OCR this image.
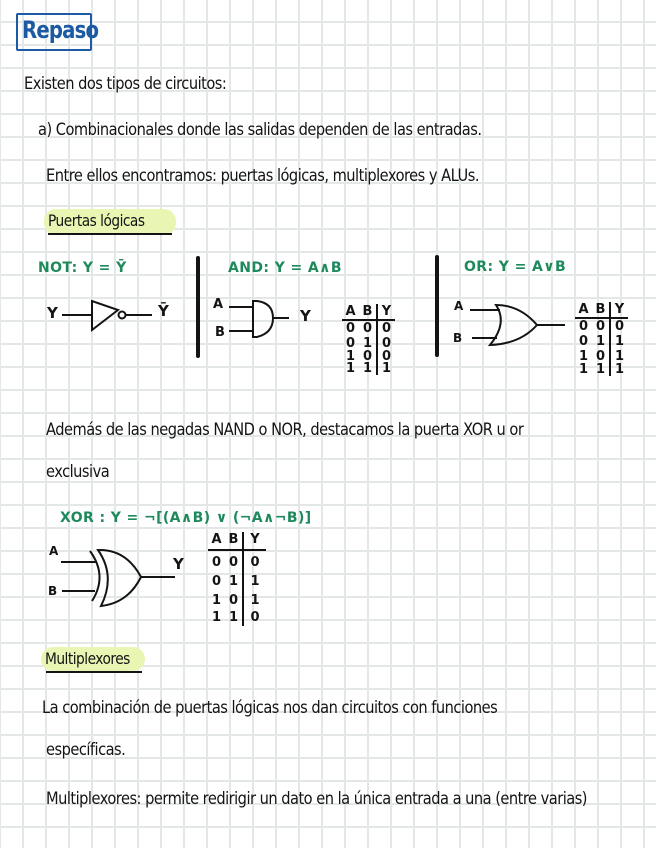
Repaso
Existen dos tipos de circuitos:
a) Combinacionales donde las salidas dependen de las entradas.
Entre ellos encontramos: puertas lógicas, multiplexores y ALUs.
Puertas lógicas
NOT: Y = Ȳ
Y	Ȳ
AND: Y = A∧B
A
B
Y	A B Y
0 0 0
0 1 0
1 0 0
1 1 1
OR: Y = A∨B
A
B
A B Y
0 0 0
0 1 1
1 0 1
1 1 1
Además de las negadas NAND o NOR, destacamos la puerta XOR u or
exclusiva
XOR : Y = ¬[(A∧B) ∨ (¬A∧¬B)]
A
B
Y
A B Y
0 0 0
0 1 1
1 0 1
1 1 0
Multiplexores
La combinación de puertas lógicas nos dan circuitos con funciones
específicas.
Multiplexores: permite redirigir un dato en la única entrada a una (entre varias)
